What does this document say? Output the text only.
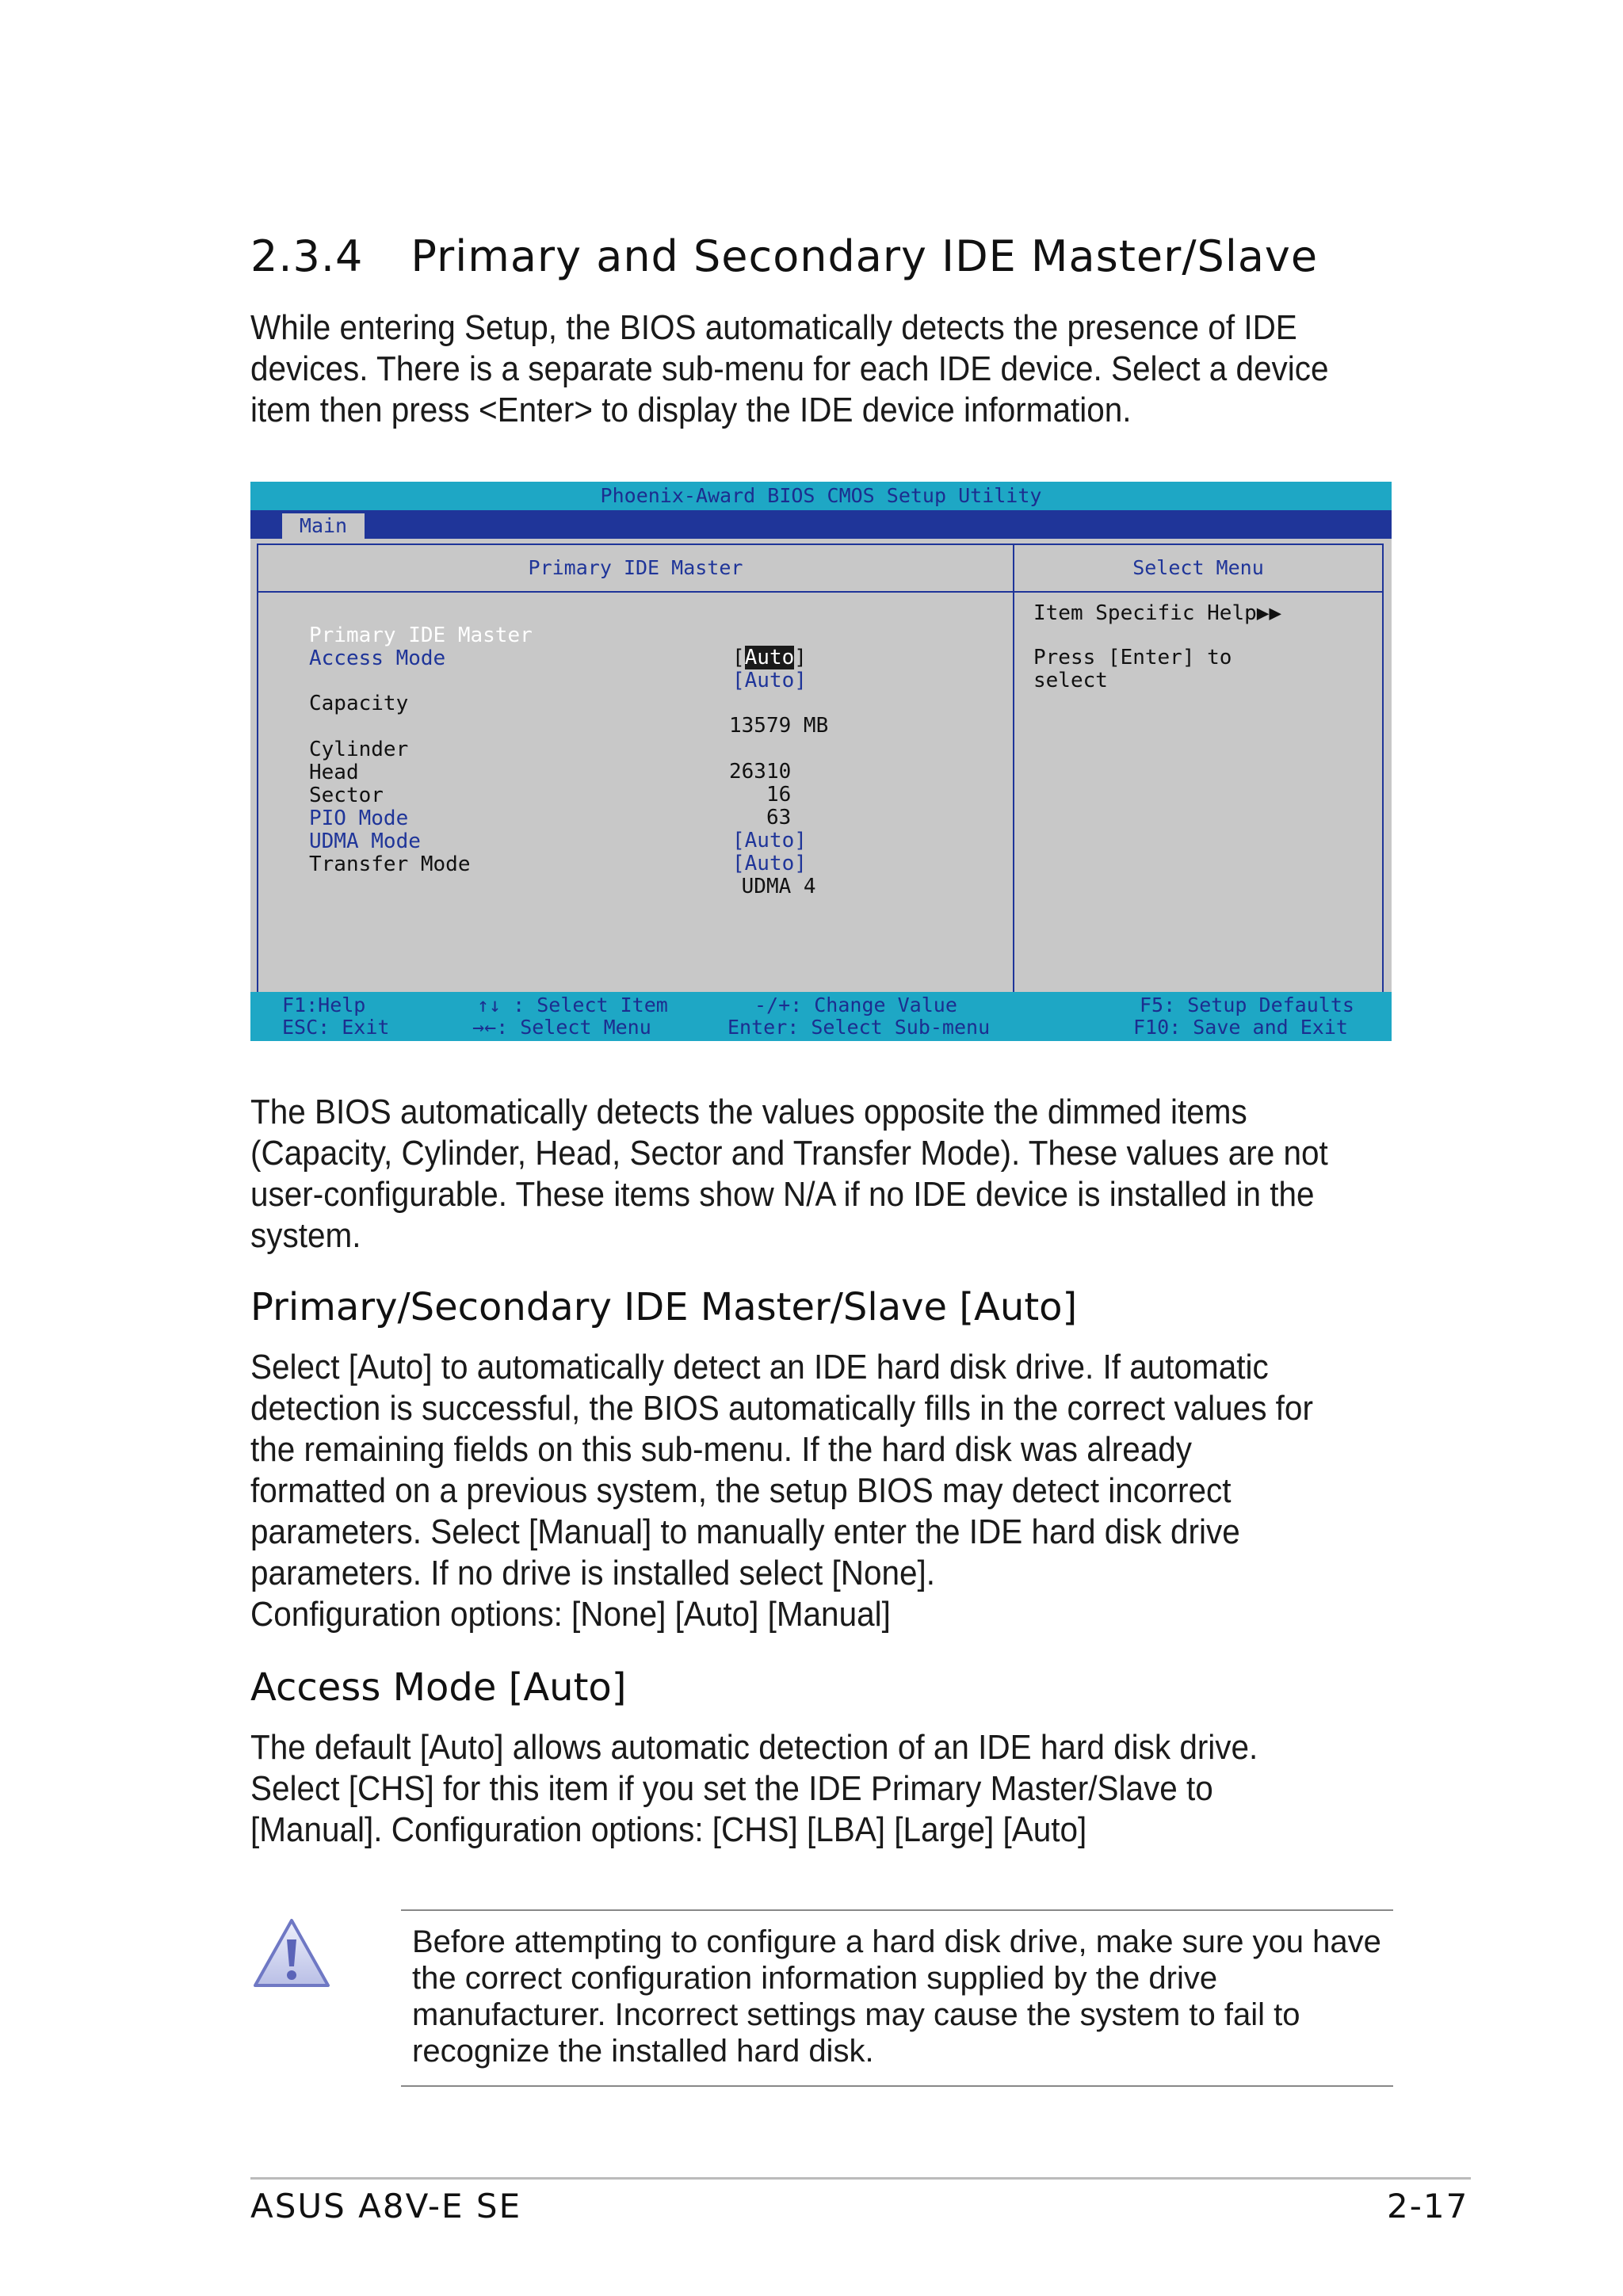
2.3.4 Primary and Secondary IDE Master/Slave
While entering Setup, the BIOS automatically detects the presence of IDE
devices. There is a separate sub-menu for each IDE device. Select a device
item then press <Enter> to display the IDE device information.
Phoenix-Award BIOS CMOS Setup Utility
Main
Primary IDE Master

Primary IDE Master

[Auto]

Access Mode

[Auto]

Capacity

13579 MB

Cylinder

26310

Head

16

Sector

63

PIO Mode

[Auto]

UDMA Mode

[Auto]

Transfer Mode

UDMA 4

Select Menu
Item Specific Help▶▶
Press [Enter] to
select
F1:Help
ESC: Exit
↑↓ : Select Item
→←: Select Menu
-/+: Change Value
Enter: Select Sub-menu
F5: Setup Defaults
F10: Save and Exit
The BIOS automatically detects the values opposite the dimmed items
(Capacity, Cylinder, Head, Sector and Transfer Mode). These values are not
user-configurable. These items show N/A if no IDE device is installed in the
system.
Primary/Secondary IDE Master/Slave [Auto]
Select [Auto] to automatically detect an IDE hard disk drive. If automatic
detection is successful, the BIOS automatically fills in the correct values for
the remaining fields on this sub-menu. If the hard disk was already
formatted on a previous system, the setup BIOS may detect incorrect
parameters. Select [Manual] to manually enter the IDE hard disk drive
parameters. If no drive is installed select [None].
Configuration options: [None] [Auto] [Manual]
Access Mode [Auto]
The default [Auto] allows automatic detection of an IDE hard disk drive.
Select [CHS] for this item if you set the IDE Primary Master/Slave to
[Manual]. Configuration options: [CHS] [LBA] [Large] [Auto]
Before attempting to configure a hard disk drive, make sure you have
the correct configuration information supplied by the drive
manufacturer. Incorrect settings may cause the system to fail to
recognize the installed hard disk.
ASUS A8V-E SE	2-17
